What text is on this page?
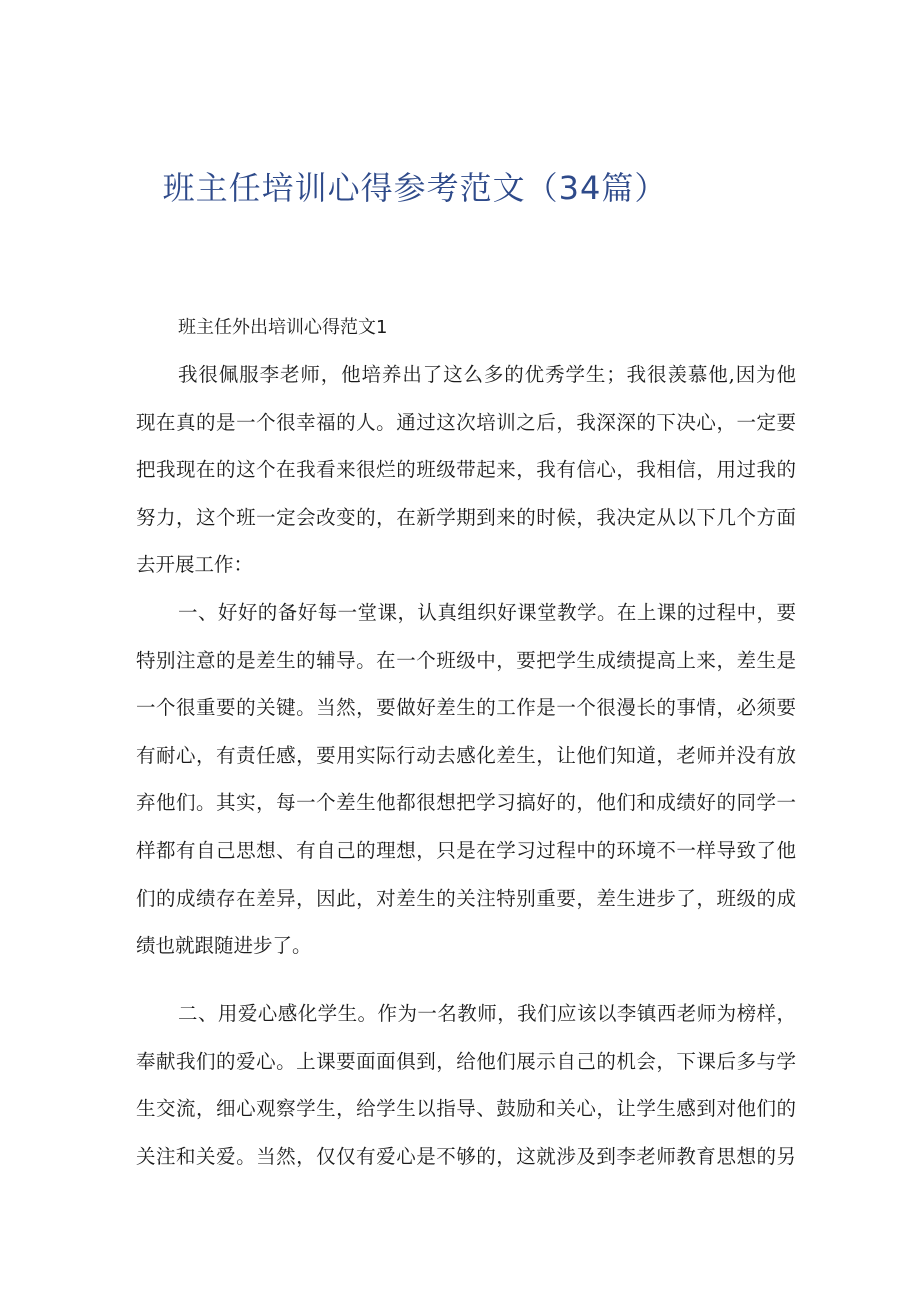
班主任培训心得参考范文（34篇）
班主任外出培训心得范文1
我很佩服李老师，他培养出了这么多的优秀学生；我很羡慕他,因为他
现在真的是一个很幸福的人。通过这次培训之后，我深深的下决心，一定要
把我现在的这个在我看来很烂的班级带起来，我有信心，我相信，用过我的
努力，这个班一定会改变的，在新学期到来的时候，我决定从以下几个方面
去开展工作：
一、好好的备好每一堂课，认真组织好课堂教学。在上课的过程中，要
特别注意的是差生的辅导。在一个班级中，要把学生成绩提高上来，差生是
一个很重要的关键。当然，要做好差生的工作是一个很漫长的事情，必须要
有耐心，有责任感，要用实际行动去感化差生，让他们知道，老师并没有放
弃他们。其实，每一个差生他都很想把学习搞好的，他们和成绩好的同学一
样都有自己思想、有自己的理想，只是在学习过程中的环境不一样导致了他
们的成绩存在差异，因此，对差生的关注特别重要，差生进步了，班级的成
绩也就跟随进步了。
二、用爱心感化学生。作为一名教师，我们应该以李镇西老师为榜样，
奉献我们的爱心。上课要面面俱到，给他们展示自己的机会，下课后多与学
生交流，细心观察学生，给学生以指导、鼓励和关心，让学生感到对他们的
关注和关爱。当然，仅仅有爱心是不够的，这就涉及到李老师教育思想的另
